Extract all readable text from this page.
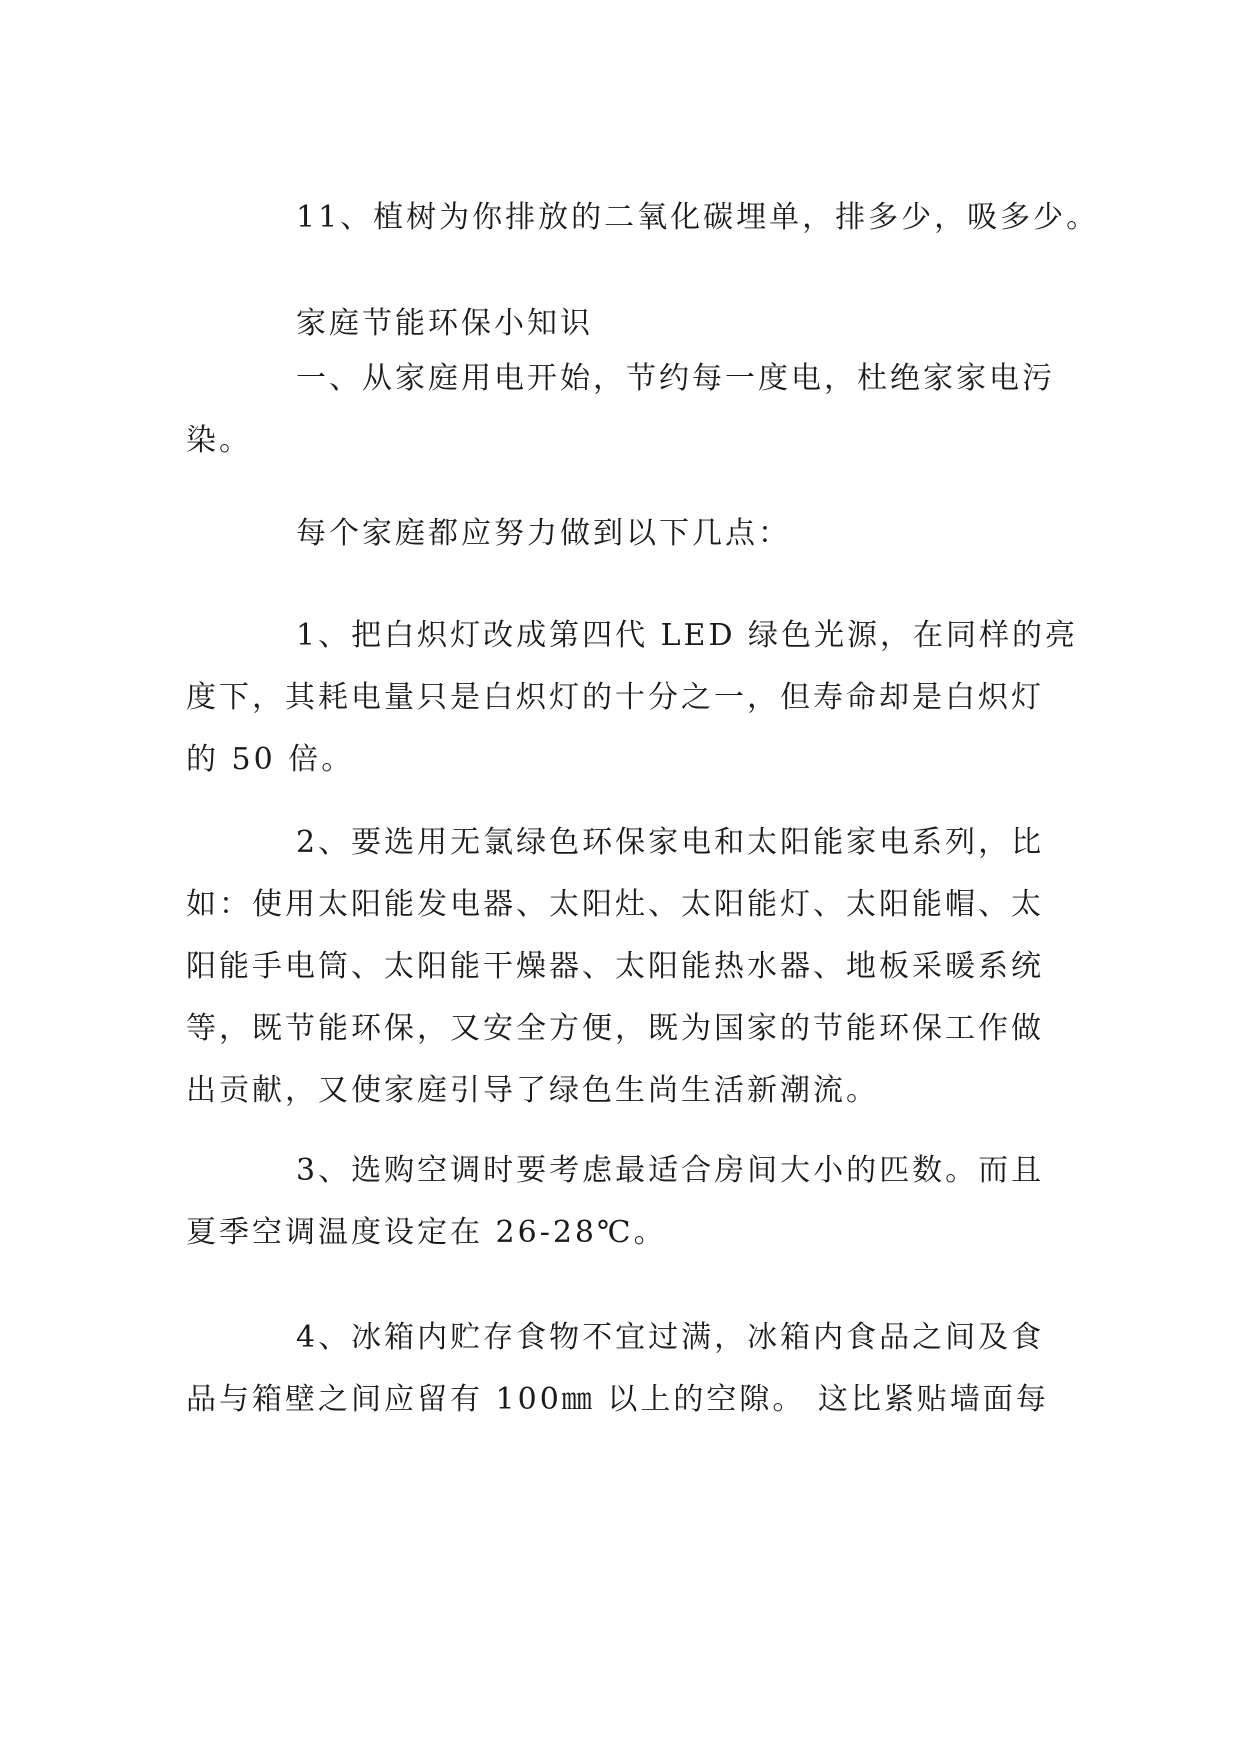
11、植树为你排放的二氧化碳埋单，排多少，吸多少。
家庭节能环保小知识
一、从家庭用电开始，节约每一度电，杜绝家家电污
染。
每个家庭都应努力做到以下几点：
1、把白炽灯改成第四代 LED 绿色光源，在同样的亮
度下，其耗电量只是白炽灯的十分之一，但寿命却是白炽灯
的 50 倍。
2、要选用无氯绿色环保家电和太阳能家电系列，比
如：使用太阳能发电器、太阳灶、太阳能灯、太阳能帽、太
阳能手电筒、太阳能干燥器、太阳能热水器、地板采暖系统
等，既节能环保，又安全方便，既为国家的节能环保工作做
出贡献，又使家庭引导了绿色生尚生活新潮流。
3、选购空调时要考虑最适合房间大小的匹数。而且
夏季空调温度设定在 26-28℃。
4、冰箱内贮存食物不宜过满，冰箱内食品之间及食
品与箱壁之间应留有 100㎜ 以上的空隙。 这比紧贴墙面每
